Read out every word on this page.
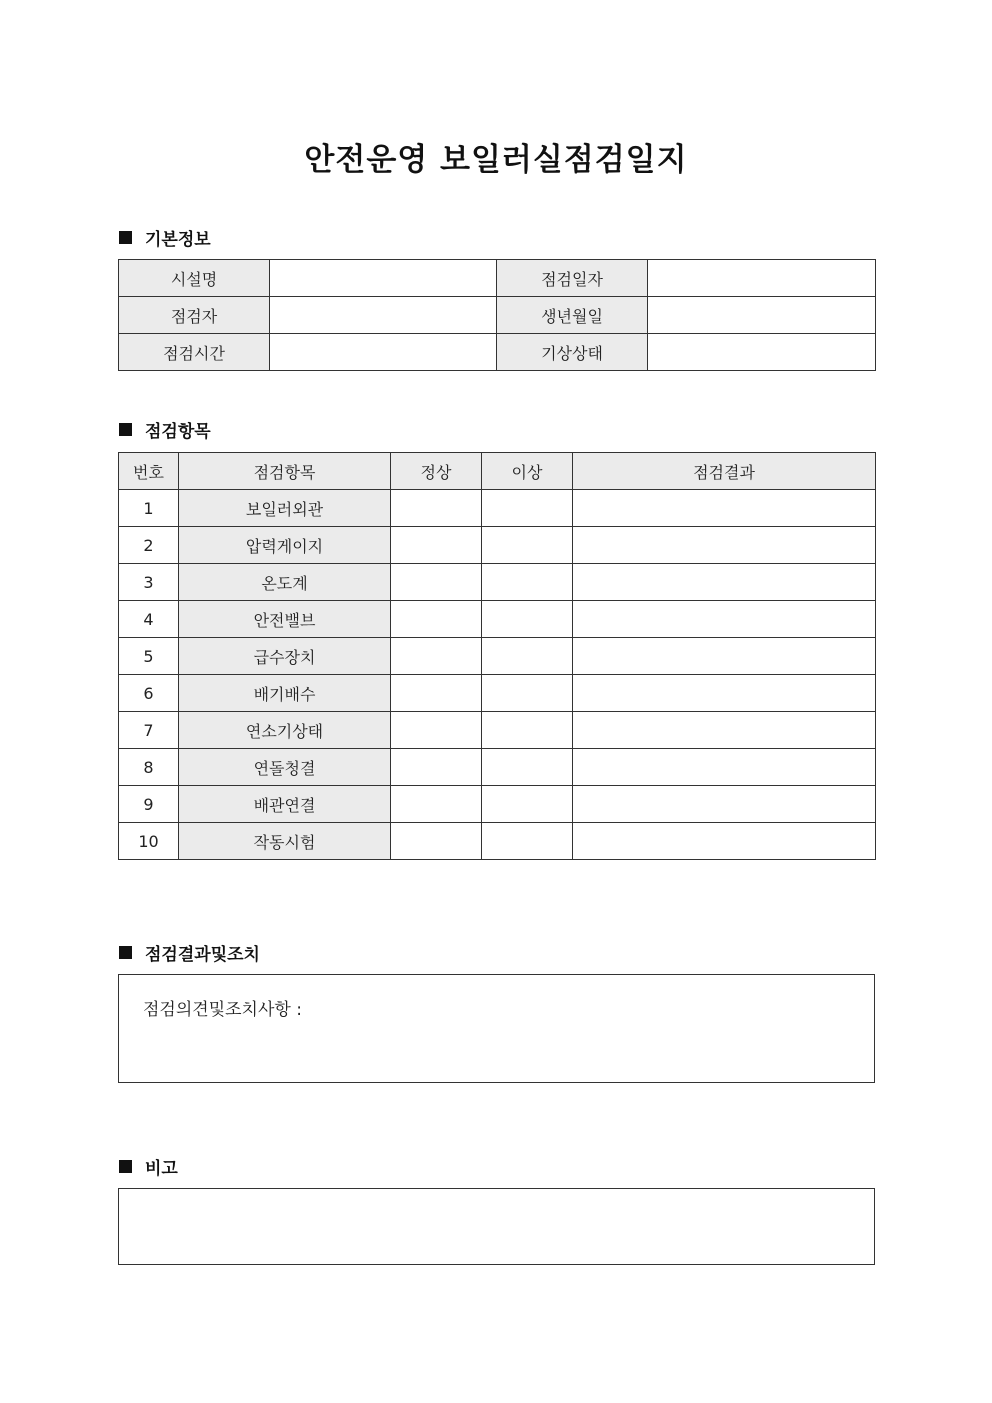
안전운영 보일러실점검일지
기본정보
시설명		점검일자	
점검자		생년월일	
점검시간		기상상태	
점검항목
번호	점검항목	정상	이상	점검결과
1	보일러외관			
2	압력게이지			
3	온도계			
4	안전밸브			
5	급수장치			
6	배기배수			
7	연소기상태			
8	연돌청결			
9	배관연결			
10	작동시험			
점검결과및조치
점검의견및조치사항 :
비고
